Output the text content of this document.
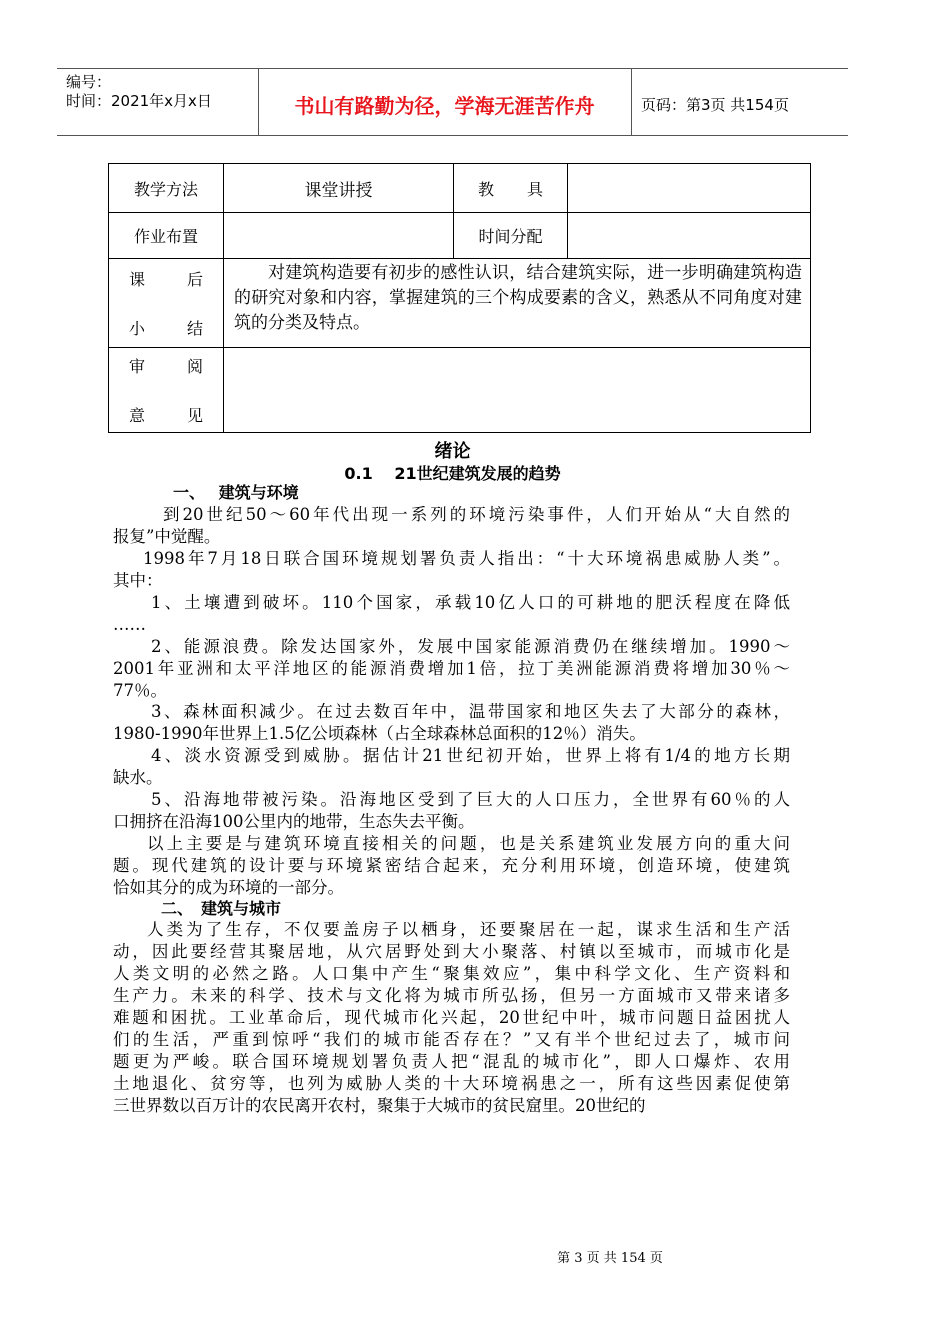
编号：
时间：2021年x月x日	书山有路勤为径，学海无涯苦作舟	页码：第3页 共154页
教学方法	课堂讲授	教 具	

作业布置		时间分配	

课 后
小 结	对建筑构造要有初步的感性认识，结合建筑实际，进一步明确建筑构造的研究对象和内容，掌握建筑的三个构成要素的含义，熟悉从不同角度对建筑的分类及特点。		

审 阅
意 见			

绪论
0.1　 21世纪建筑发展的趋势
一、　 建筑与环境
到20世纪50～60年代出现一系列的环境污染事件，人们开始从“大自然的
报复”中觉醒。
1998年7月18日联合国环境规划署负责人指出：“十大环境祸患威胁人类”。
其中：
1、土壤遭到破坏。110个国家，承载10亿人口的可耕地的肥沃程度在降低
……
2、能源浪费。除发达国家外，发展中国家能源消费仍在继续增加。1990～
2001年亚洲和太平洋地区的能源消费增加1倍，拉丁美洲能源消费将增加30％～
77％。
3、森林面积减少。在过去数百年中，温带国家和地区失去了大部分的森林，
1980-1990年世界上1.5亿公顷森林（占全球森林总面积的12％）消失。
4、淡水资源受到威胁。据估计21世纪初开始，世界上将有1/4的地方长期
缺水。
5、沿海地带被污染。沿海地区受到了巨大的人口压力，全世界有60％的人
口拥挤在沿海100公里内的地带，生态失去平衡。
以上主要是与建筑环境直接相关的问题，也是关系建筑业发展方向的重大问
题。现代建筑的设计要与环境紧密结合起来，充分利用环境，创造环境，使建筑
恰如其分的成为环境的一部分。
二、　建筑与城市
人类为了生存，不仅要盖房子以栖身，还要聚居在一起，谋求生活和生产活
动，因此要经营其聚居地，从穴居野处到大小聚落、村镇以至城市，而城市化是
人类文明的必然之路。人口集中产生“聚集效应”，集中科学文化、生产资料和
生产力。未来的科学、技术与文化将为城市所弘扬，但另一方面城市又带来诸多
难题和困扰。工业革命后，现代城市化兴起，20世纪中叶，城市问题日益困扰人
们的生活，严重到惊呼“我们的城市能否存在？”又有半个世纪过去了，城市问
题更为严峻。联合国环境规划署负责人把“混乱的城市化”，即人口爆炸、农用
土地退化、贫穷等，也列为威胁人类的十大环境祸患之一，所有这些因素促使第
三世界数以百万计的农民离开农村，聚集于大城市的贫民窟里。20世纪的
第 3 页 共 154 页
